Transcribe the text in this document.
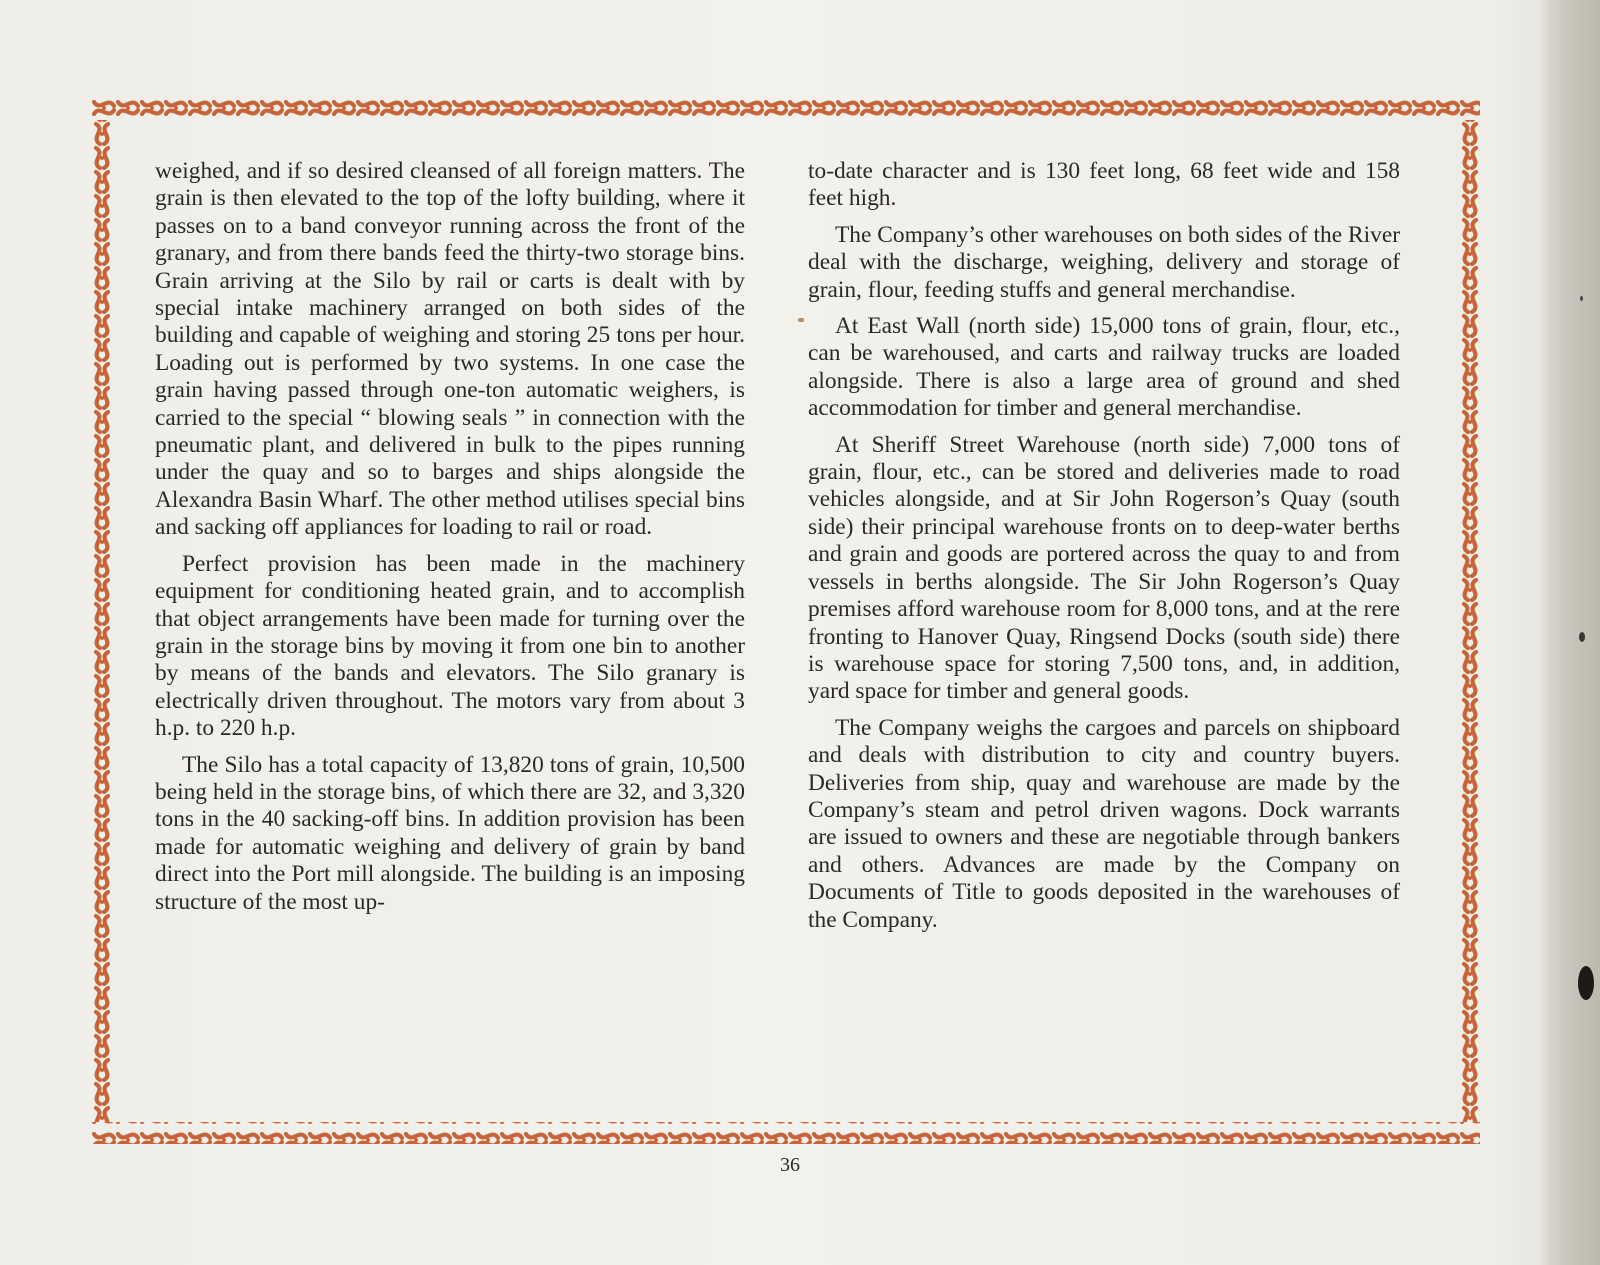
weighed, and if so desired cleansed of all foreign matters. The grain is then elevated to the top of the lofty building, where it passes on to a band conveyor running across the front of the granary, and from there bands feed the thirty-two storage bins. Grain arriving at the Silo by rail or carts is dealt with by special intake machinery arranged on both sides of the building and capable of weighing and storing 25 tons per hour. Loading out is performed by two systems. In one case the grain having passed through one-ton automatic weighers, is carried to the special “ blowing seals ” in connection with the pneumatic plant, and delivered in bulk to the pipes running under the quay and so to barges and ships alongside the Alexandra Basin Wharf. The other method utilises special bins and sacking off appliances for loading to rail or road.

Perfect provision has been made in the machinery equipment for conditioning heated grain, and to accomplish that object arrangements have been made for turning over the grain in the storage bins by moving it from one bin to another by means of the bands and elevators. The Silo granary is electrically driven throughout. The motors vary from about 3 h.p. to 220 h.p.

The Silo has a total capacity of 13,820 tons of grain, 10,500 being held in the storage bins, of which there are 32, and 3,320 tons in the 40 sacking-off bins. In addition provision has been made for automatic weighing and delivery of grain by band direct into the Port mill alongside. The building is an imposing structure of the most up-

to-date character and is 130 feet long, 68 feet wide and 158 feet high.

The Company’s other warehouses on both sides of the River deal with the discharge, weighing, delivery and storage of grain, flour, feeding stuffs and general merchandise.

At East Wall (north side) 15,000 tons of grain, flour, etc., can be warehoused, and carts and railway trucks are loaded alongside. There is also a large area of ground and shed accommodation for timber and general merchandise.

At Sheriff Street Warehouse (north side) 7,000 tons of grain, flour, etc., can be stored and deliveries made to road vehicles alongside, and at Sir John Rogerson’s Quay (south side) their principal warehouse fronts on to deep-water berths and grain and goods are portered across the quay to and from vessels in berths alongside. The Sir John Rogerson’s Quay premises afford warehouse room for 8,000 tons, and at the rere fronting to Hanover Quay, Ringsend Docks (south side) there is warehouse space for storing 7,500 tons, and, in addition, yard space for timber and general goods.

The Company weighs the cargoes and parcels on shipboard and deals with distribution to city and country buyers. Deliveries from ship, quay and warehouse are made by the Company’s steam and petrol driven wagons. Dock warrants are issued to owners and these are negotiable through bankers and others. Advances are made by the Company on Documents of Title to goods deposited in the warehouses of the Company.

36
